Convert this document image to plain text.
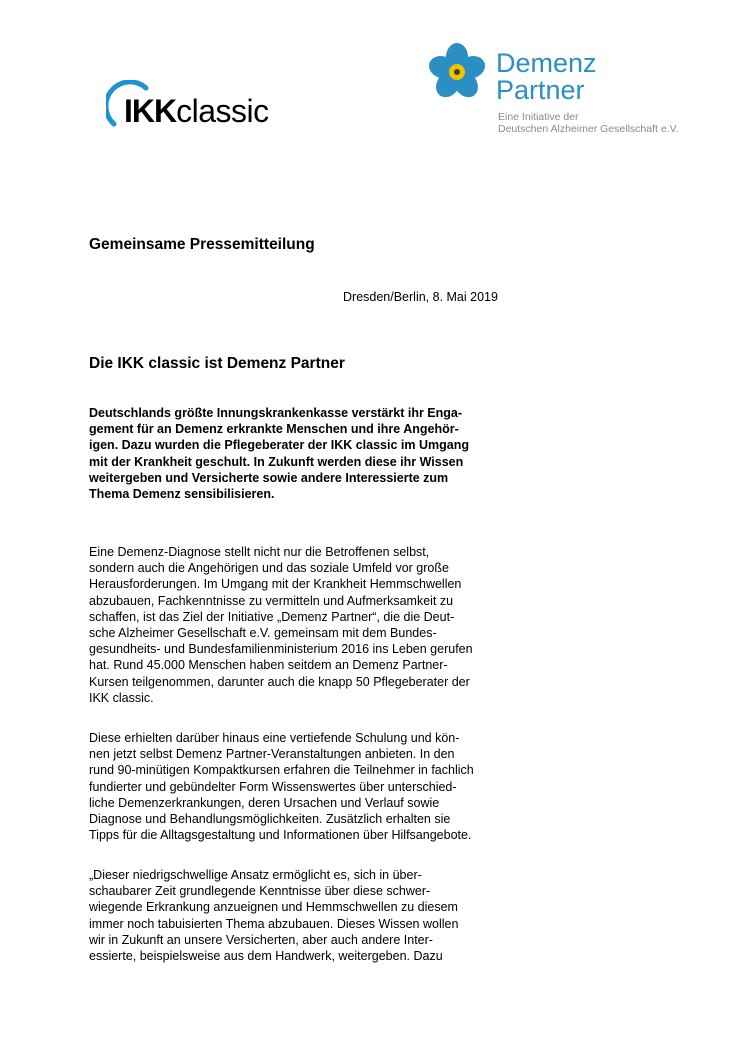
IKKclassic
Demenz
Partner
Eine Initiative der
Deutschen Alzheimer Gesellschaft e.V.
Gemeinsame Pressemitteilung
Dresden/Berlin, 8. Mai 2019
Die IKK classic ist Demenz Partner
Deutschlands größte Innungskrankenkasse verstärkt ihr Enga-
gement für an Demenz erkrankte Menschen und ihre Angehör-
igen. Dazu wurden die Pflegeberater der IKK classic im Umgang
mit der Krankheit geschult. In Zukunft werden diese ihr Wissen
weitergeben und Versicherte sowie andere Interessierte zum
Thema Demenz sensibilisieren.
Eine Demenz-Diagnose stellt nicht nur die Betroffenen selbst,
sondern auch die Angehörigen und das soziale Umfeld vor große
Herausforderungen. Im Umgang mit der Krankheit Hemmschwellen
abzubauen, Fachkenntnisse zu vermitteln und Aufmerksamkeit zu
schaffen, ist das Ziel der Initiative „Demenz Partner“, die die Deut-
sche Alzheimer Gesellschaft e.V. gemeinsam mit dem Bundes-
gesundheits- und Bundesfamilienministerium 2016 ins Leben gerufen
hat. Rund 45.000 Menschen haben seitdem an Demenz Partner-
Kursen teilgenommen, darunter auch die knapp 50 Pflegeberater der
IKK classic.
Diese erhielten darüber hinaus eine vertiefende Schulung und kön-
nen jetzt selbst Demenz Partner-Veranstaltungen anbieten. In den
rund 90-minütigen Kompaktkursen erfahren die Teilnehmer in fachlich
fundierter und gebündelter Form Wissenswertes über unterschied-
liche Demenzerkrankungen, deren Ursachen und Verlauf sowie
Diagnose und Behandlungsmöglichkeiten. Zusätzlich erhalten sie
Tipps für die Alltagsgestaltung und Informationen über Hilfsangebote.
„Dieser niedrigschwellige Ansatz ermöglicht es, sich in über-
schaubarer Zeit grundlegende Kenntnisse über diese schwer-
wiegende Erkrankung anzueignen und Hemmschwellen zu diesem
immer noch tabuisierten Thema abzubauen. Dieses Wissen wollen
wir in Zukunft an unsere Versicherten, aber auch andere Inter-
essierte, beispielsweise aus dem Handwerk, weitergeben. Dazu
